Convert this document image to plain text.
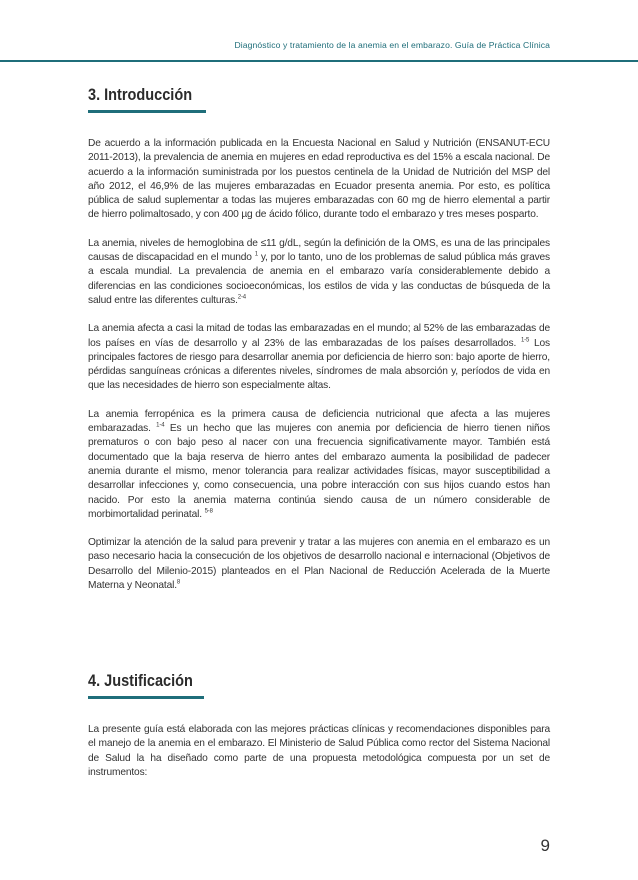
Diagnóstico y tratamiento de la anemia en el embarazo. Guía de Práctica Clínica
3. Introducción

De acuerdo a la información publicada en la Encuesta Nacional en Salud y Nutrición (ENSANUT-ECU 2011-2013), la prevalencia de anemia en mujeres en edad reproductiva es del 15% a escala nacional. De acuerdo a la información suministrada por los puestos centinela de la Unidad de Nutrición del MSP del año 2012, el 46,9% de las mujeres embarazadas en Ecuador presenta anemia. Por esto, es política pública de salud suplementar a todas las mujeres embarazadas con 60 mg de hierro elemental a partir de hierro polimaltosado, y con 400 µg de ácido fólico, durante todo el embarazo y tres meses posparto.

La anemia, niveles de hemoglobina de ≤11 g/dL, según la definición de la OMS, es una de las principales causas de discapacidad en el mundo $^1$ y, por lo tanto, uno de los problemas de salud pública más graves a escala mundial. La prevalencia de anemia en el embarazo varía considerablemente debido a diferencias en las condiciones socioeconómicas, los estilos de vida y las conductas de búsqueda de la salud entre las diferentes culturas.$^{2-4}$

La anemia afecta a casi la mitad de todas las embarazadas en el mundo; al 52% de las embarazadas de los países en vías de desarrollo y al 23% de las embarazadas de los países desarrollados. $^{1-5}$ Los principales factores de riesgo para desarrollar anemia por deficiencia de hierro son: bajo aporte de hierro, pérdidas sanguíneas crónicas a diferentes niveles, síndromes de mala absorción y, períodos de vida en que las necesidades de hierro son especialmente altas.

La anemia ferropénica es la primera causa de deficiencia nutricional que afecta a las mujeres embarazadas. $^{1-4}$ Es un hecho que las mujeres con anemia por deficiencia de hierro tienen niños prematuros o con bajo peso al nacer con una frecuencia significativamente mayor. También está documentado que la baja reserva de hierro antes del embarazo aumenta la posibilidad de padecer anemia durante el mismo, menor tolerancia para realizar actividades físicas, mayor susceptibilidad a desarrollar infecciones y, como consecuencia, una pobre interacción con sus hijos cuando estos han nacido. Por esto la anemia materna continúa siendo causa de un número considerable de morbimortalidad perinatal. $^{5-8}$

Optimizar la atención de la salud para prevenir y tratar a las mujeres con anemia en el embarazo es un paso necesario hacia la consecución de los objetivos de desarrollo nacional e internacional (Objetivos de Desarrollo del Milenio-2015) planteados en el Plan Nacional de Reducción Acelerada de la Muerte Materna y Neonatal.$^8$

4. Justificación

La presente guía está elaborada con las mejores prácticas clínicas y recomendaciones disponibles para el manejo de la anemia en el embarazo. El Ministerio de Salud Pública como rector del Sistema Nacional de Salud la ha diseñado como parte de una propuesta metodológica compuesta por un set de instrumentos:

9
